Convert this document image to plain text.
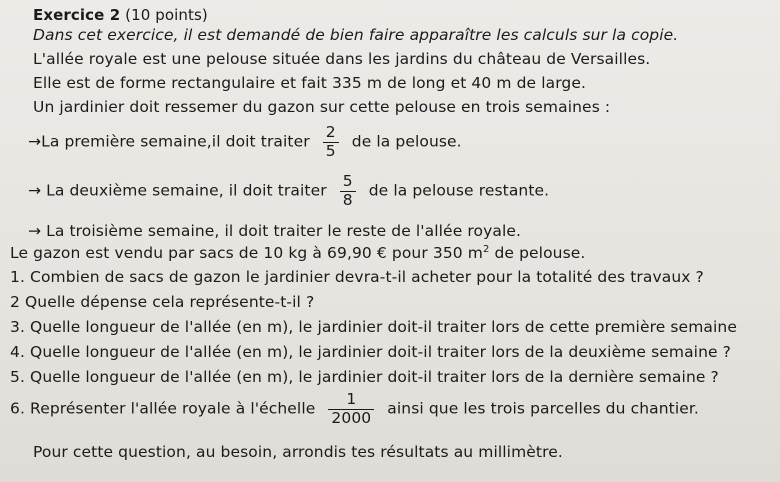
Exercice 2 (10 points)
Dans cet exercice, il est demandé de bien faire apparaître les calculs sur la copie.
L'allée royale est une pelouse située dans les jardins du château de Versailles.
Elle est de forme rectangulaire et fait 335 m de long et 40 m de large.
Un jardinier doit ressemer du gazon sur cette pelouse en trois semaines :
→La première semaine,il doit traiter $\frac{2}{5}$ de la pelouse.
→ La deuxième semaine, il doit traiter $\frac{5}{8}$ de la pelouse restante.
→ La troisième semaine, il doit traiter le reste de l'allée royale.
Le gazon est vendu par sacs de 10 kg à 69,90 € pour 350 $m^2$ de pelouse.
1. Combien de sacs de gazon le jardinier devra-t-il acheter pour la totalité des travaux ?
2 Quelle dépense cela représente-t-il ?
3. Quelle longueur de l'allée (en m), le jardinier doit-il traiter lors de cette première semaine
4. Quelle longueur de l'allée (en m), le jardinier doit-il traiter lors de la deuxième semaine ?
5. Quelle longueur de l'allée (en m), le jardinier doit-il traiter lors de la dernière semaine ?
6. Représenter l'allée royale à l'échelle $\frac{1}{2000}$ ainsi que les trois parcelles du chantier.
Pour cette question, au besoin, arrondis tes résultats au millimètre.
